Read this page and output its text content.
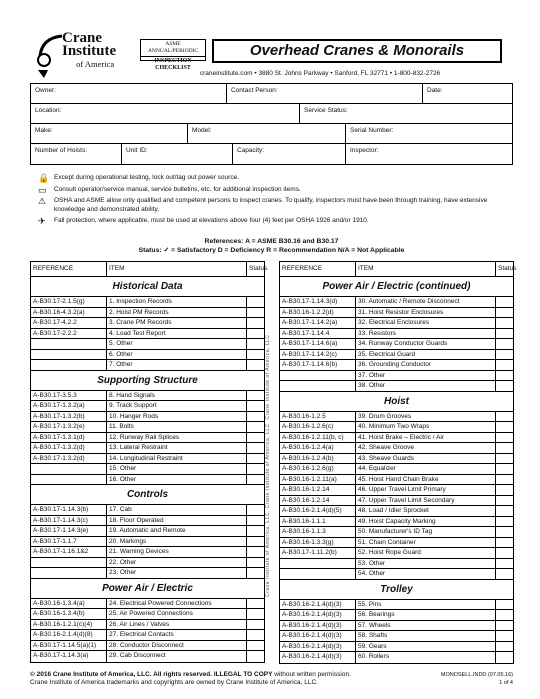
Crane
Institute
of America
ASME ANNUAL/PERIODIC
INSPECTION CHECKLIST
Overhead Cranes & Monorails
craneinstitute.com • 3880 St. Johns Parkway • Sanford, FL 32771 • 1-800-832-2726
Owner:	Contact Person:	Date:
Location:	Service Status:
Make:	Model:	Serial Number:
Number of Hoists:	Unit ID:	Capacity:	Inspector:
🔒 Except during operational testing, lock out/tag out power source.
▭	Consult operator/service manual, service bulletins, etc. for additional inspection items.
⚠	OSHA and ASME allow only qualified and competent persons to inspect cranes. To qualify, inspectors must have been through training, have extensive knowledge and demonstrated ability.
✈	Fall protection, where applicable, must be used at elevations above four (4) feet per OSHA 1926 and/or 1910.
References: A = ASME B30.16 and B30.17
Status: ✓ = Satisfactory D = Deficiency R = Recommendation N/A = Not Applicable
REFERENCE	ITEM	Status
Historical Data
A-B30.17-2.1.5(g)	1. Inspection Records
A-B30.16-4.3.2(a)	2. Hoist PM Records
A-B30.17-4.2.2	3. Crane PM Records
A-B30.17-2.2.2	4. Load Test Report
5. Other
6. Other
7. Other
Supporting Structure
A-B30.17-3.5.3	8. Hand Signals
A-B30.17-1.3.2(a)	9. Track Support
A-B30.17-1.3.2(b)	10. Hanger Rods
A-B30.17-1.3.2(e)	11. Bolts
A-B30.17-1.3.1(d)	12. Runway Rail Splices
A-B30.17-1.3.2(d)	13. Lateral Restraint
A-B30.17-1.3.2(d)	14. Longitudinal Restraint
15. Other
16. Other
Controls
A-B30.17-1.14.3(b)	17. Cab
A-B30.17-1.14.3(c)	18. Floor Operated
A-B30.17-1.14.3(e)	19. Automatic and Remote
A-B30.17-1.1.7	20. Markings
A-B30.17-1.16.1&2	21. Warning Devices
22. Other
23. Other
Power Air / Electric
A-B30.16-1.3.4(a)	24. Electrical Powered Connections
A-B30.16-1.3.4(b)	25. Air Powered Connections
A-B30.16-1.2.1(c)(4)	26. Air Lines / Valves
A-B30.16-2.1.4(d)(8)	27. Electrical Contacts
A-B30.17-1.14.5(a)(1)	28. Conductor Disconnect
A-B30.17-1.14.3(a)	29. Cab Disconnect
Crane Institute of America, LLC. Crane Institute of America, LLC. Crane Institute of America, LLC.
REFERENCE	ITEM	Status
Power Air / Electric (continued)
A-B30.17-1.14.3(d)	30. Automatic / Remote Disconnect
A-B30.16-1.2.2(d)	31. Hoist Resistor Enclosures
A-B30.17-1.14.2(a)	32. Electrical Enclosures
A-B30.17-1.14.4	33. Resistors
A-B30.17-1.14.6(a)	34. Runway Conductor Guards
A-B30.17-1.14.2(c)	35. Electrical Guard
A-B30.17-1.14.6(b)	36. Grounding Conductor
37. Other
38. Other
Hoist
A-B30.16-1.2.5	39. Drum Grooves
A-B30.16-1.2.6(c)	40. Minimum Two Wraps
A-B30.16-1.2.11(b, c)	41. Hoist Brake – Electric / Air
A-B30.16-1.2.4(a)	42. Sheave Groove
A-B30.16-1.2.4(b)	43. Sheave Guards
A-B30.16-1.2.6(g)	44. Equalizer
A-B30.16-1.2.11(a)	45. Hoist Hand Chain Brake
A-B30.16-1.2.14	46. Upper Travel Limit Primary
A-B30.16-1.2.14	47. Upper Travel Limit Secondary
A-B30.16-2.1.4(d)(5)	48. Load / Idler Sprocket
A-B30.16-1.1.1	49. Hoist Capacity Marking
A-B30.16-1.1.3	50. Manufacturer's ID Tag
A-B30.16-1.3.3(g)	51. Chain Container
A-B30.17-1.11.2(b)	52. Hoist Rope Guard
53. Other
54. Other
Trolley
A-B30.16-2.1.4(d)(3)	55. Pins
A-B30.16-2.1.4(d)(3)	56. Bearings
A-B30.16-2.1.4(d)(3)	57. Wheels
A-B30.16-2.1.4(d)(3)	58. Shafts
A-B30.16-2.1.4(d)(3)	59. Gears
A-B30.16-2.1.4(d)(3)	60. Rollers
© 2016 Crane Institute of America, LLC. All rights reserved. ILLEGAL TO COPY without written permission.
Crane Institute of America trademarks and copyrights are owned by Crane Institute of America, LLC.
MONOSELL.INDD (07.05.16)
1 of 4
